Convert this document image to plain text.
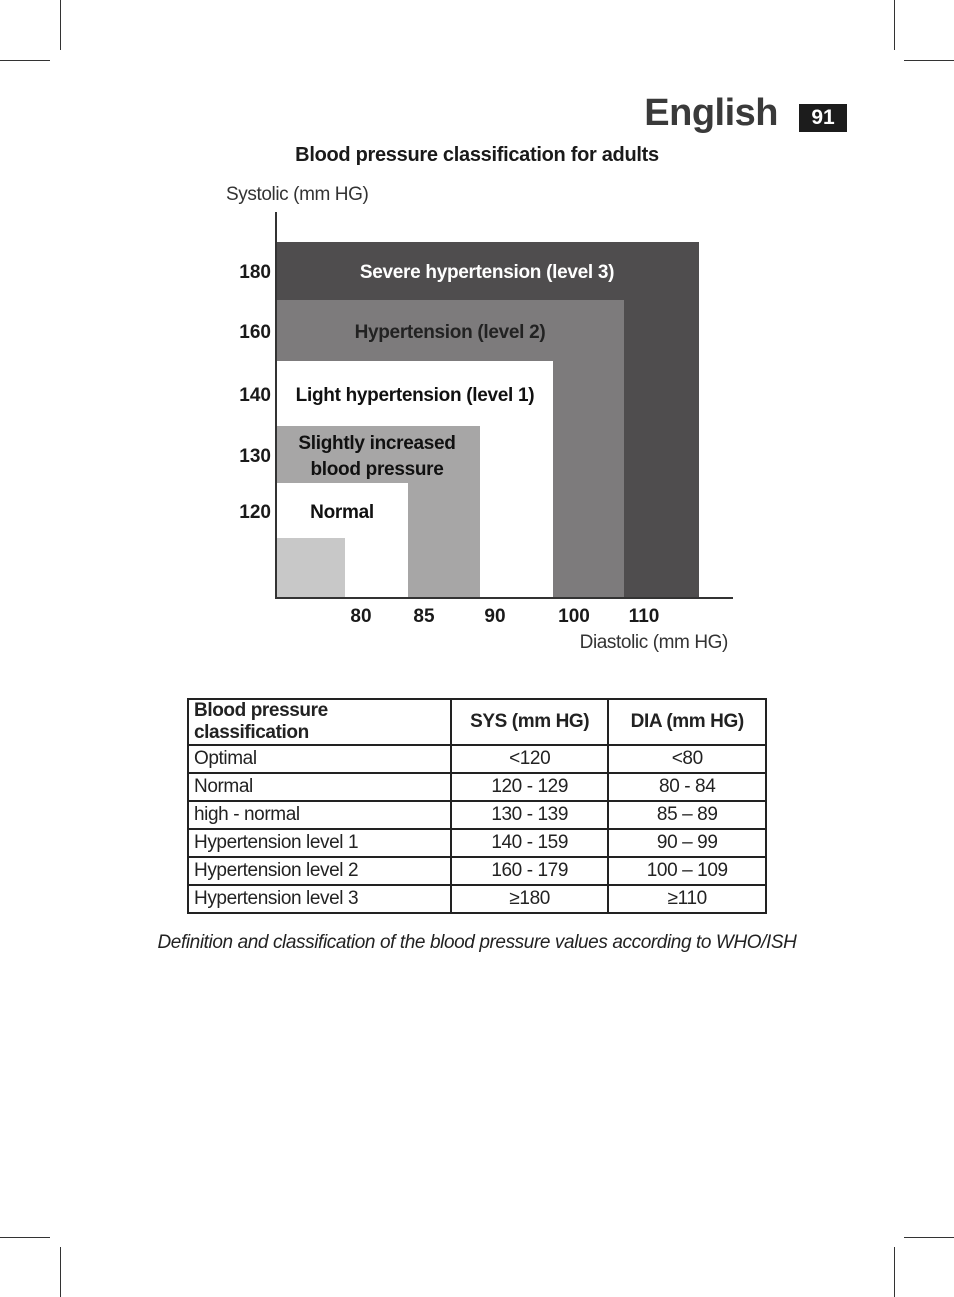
English	91
Blood pressure classification for adults
Systolic (mm HG)
Severe hypertension (level 3)
Hypertension (level 2)
Light hypertension (level 1)
Slightly increased
blood pressure
Normal
120
130
140
160
180
80 85	90	100 110
Diastolic (mm HG)
Blood pressure classification	SYS (mm HG)	DIA (mm HG)
Optimal	<120	<80
Normal	120 - 129	80 - 84
high - normal	130 - 139	85 – 89
Hypertension level 1	140 - 159	90 – 99
Hypertension level 2	160 - 179	100 – 109
Hypertension level 3	≥180	≥110
Definition and classification of the blood pressure values according to WHO/ISH
